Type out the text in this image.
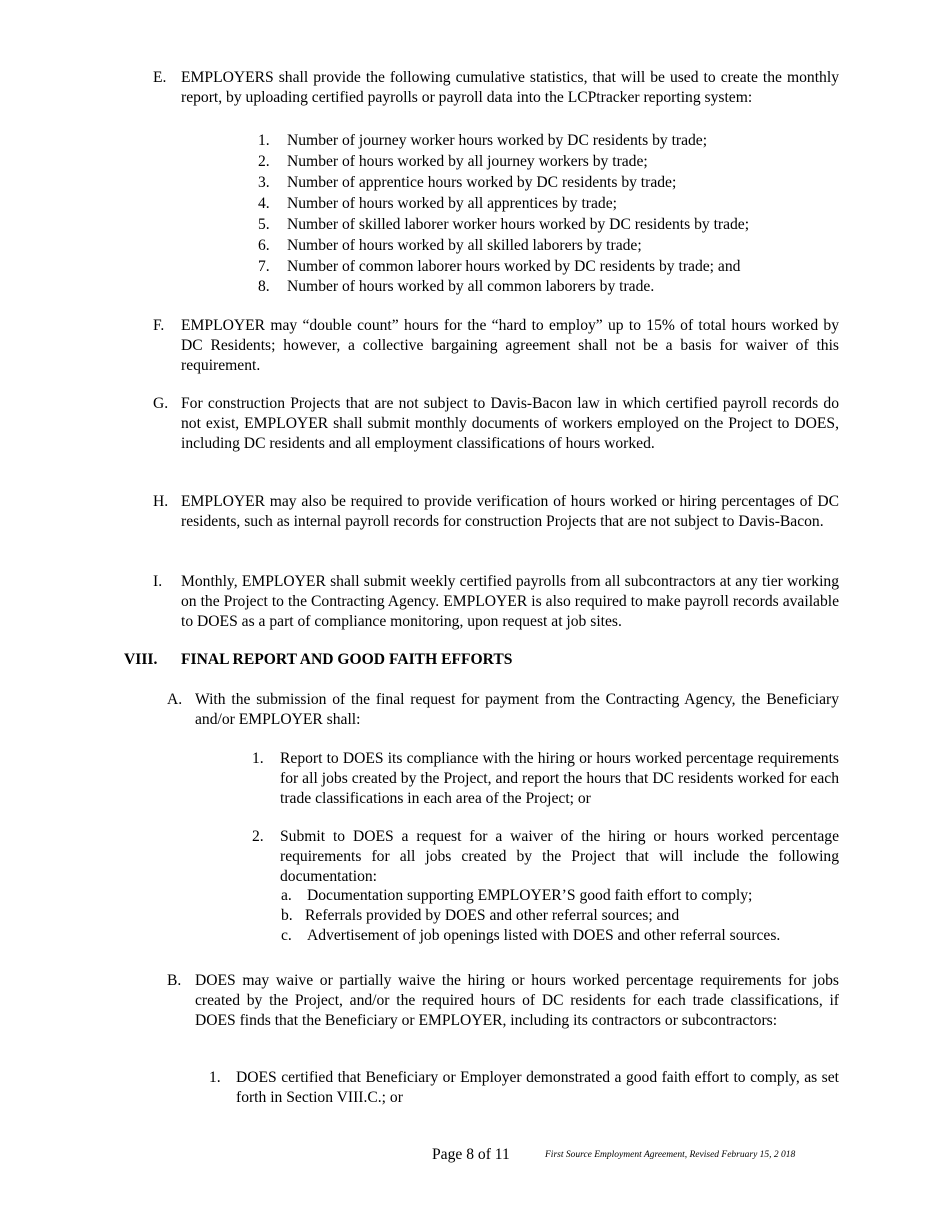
E. EMPLOYERS shall provide the following cumulative statistics, that will be used to create the monthly report, by uploading certified payrolls or payroll data into the LCPtracker reporting system:
1. Number of journey worker hours worked by DC residents by trade;
2. Number of hours worked by all journey workers by trade;
3. Number of apprentice hours worked by DC residents by trade;
4. Number of hours worked by all apprentices by trade;
5. Number of skilled laborer worker hours worked by DC residents by trade;
6. Number of hours worked by all skilled laborers by trade;
7. Number of common laborer hours worked by DC residents by trade; and
8. Number of hours worked by all common laborers by trade.
F. EMPLOYER may “double count” hours for the “hard to employ” up to 15% of total hours worked by DC Residents; however, a collective bargaining agreement shall not be a basis for waiver of this requirement.
G. For construction Projects that are not subject to Davis-Bacon law in which certified payroll records do not exist, EMPLOYER shall submit monthly documents of workers employed on the Project to DOES, including DC residents and all employment classifications of hours worked.
H. EMPLOYER may also be required to provide verification of hours worked or hiring percentages of DC residents, such as internal payroll records for construction Projects that are not subject to Davis-Bacon.
I. Monthly, EMPLOYER shall submit weekly certified payrolls from all subcontractors at any tier working on the Project to the Contracting Agency. EMPLOYER is also required to make payroll records available to DOES as a part of compliance monitoring, upon request at job sites.
VIII. FINAL REPORT AND GOOD FAITH EFFORTS
A. With the submission of the final request for payment from the Contracting Agency, the Beneficiary and/or EMPLOYER shall:
1. Report to DOES its compliance with the hiring or hours worked percentage requirements for all jobs created by the Project, and report the hours that DC residents worked for each trade classifications in each area of the Project; or
2. Submit to DOES a request for a waiver of the hiring or hours worked percentage requirements for all jobs created by the Project that will include the following documentation:
a. Documentation supporting EMPLOYER’S good faith effort to comply;
b. Referrals provided by DOES and other referral sources; and
c. Advertisement of job openings listed with DOES and other referral sources.
B. DOES may waive or partially waive the hiring or hours worked percentage requirements for jobs created by the Project, and/or the required hours of DC residents for each trade classifications, if DOES finds that the Beneficiary or EMPLOYER, including its contractors or subcontractors:
1. DOES certified that Beneficiary or Employer demonstrated a good faith effort to comply, as set forth in Section VIII.C.; or
Page 8 of 11	First Source Employment Agreement, Revised February 15, 2 018
